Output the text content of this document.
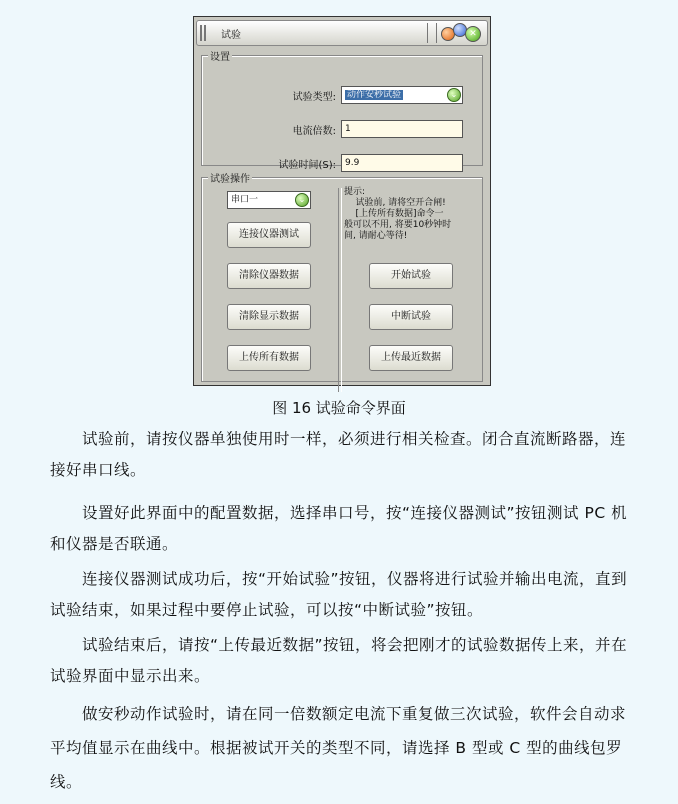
试验	✕
设置
试验类型:	动作安秒试验	⌄
电流倍数:	1
试验时间(S):	9.9
试验操作
串口一	⌄
连接仪器测试
清除仪器数据
清除显示数据
上传所有数据
提示:
试验前, 请将空开合闸!
[上传所有数据]命令一
般可以不用, 将要10秒钟时
间, 请耐心等待!
开始试验
中断试验
上传最近数据
图 16 试验命令界面

试验前，请按仪器单独使用时一样，必须进行相关检查。闭合直流断路器，连接好串口线。

设置好此界面中的配置数据，选择串口号，按“连接仪器测试”按钮测试 PC 机和仪器是否联通。

连接仪器测试成功后，按“开始试验”按钮，仪器将进行试验并输出电流，直到试验结束，如果过程中要停止试验，可以按“中断试验”按钮。

试验结束后，请按“上传最近数据”按钮，将会把刚才的试验数据传上来，并在试验界面中显示出来。

做安秒动作试验时，请在同一倍数额定电流下重复做三次试验，软件会自动求平均值显示在曲线中。根据被试开关的类型不同，请选择 B 型或 C 型的曲线包罗线。
